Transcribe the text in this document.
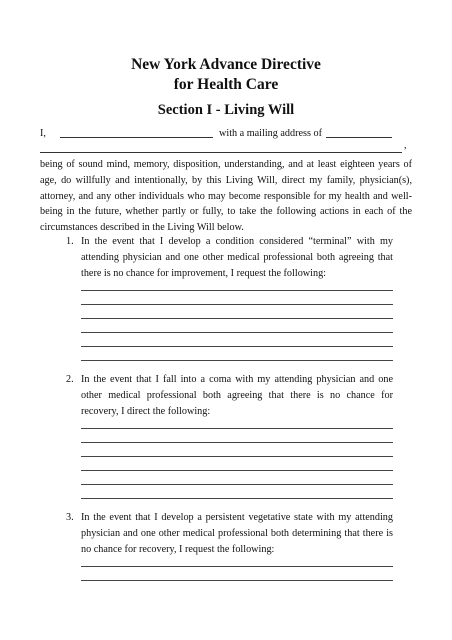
New York Advance Directive
for Health Care
Section I - Living Will
I,	with a mailing address of
,
being of sound mind, memory, disposition, understanding, and at least eighteen years of age, do willfully and intentionally, by this Living Will, direct my family, physician(s), attorney, and any other individuals who may become responsible for my health and well-being in the future, whether partly or fully, to take the following actions in each of the circumstances described in the Living Will below.
1. In the event that I develop a condition considered “terminal” with my attending physician and one other medical professional both agreeing that there is no chance for improvement, I request the following:
2. In the event that I fall into a coma with my attending physician and one other medical professional both agreeing that there is no chance for recovery, I direct the following:
3. In the event that I develop a persistent vegetative state with my attending physician and one other medical professional both determining that there is no chance for recovery, I request the following:
